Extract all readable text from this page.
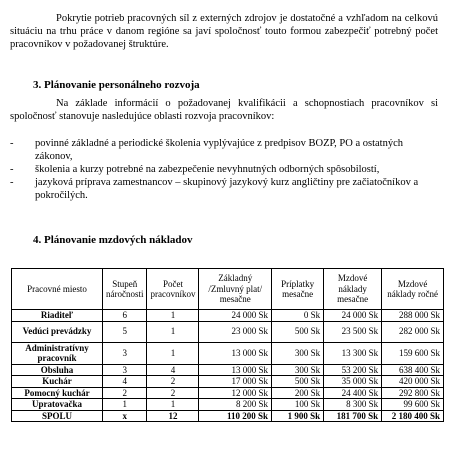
Pokrytie potrieb pracovných síl z externých zdrojov je dostatočné a vzhľadom na celkovú situáciu na trhu práce v danom regióne sa javí spoločnosť touto formou zabezpečiť potrebný počet pracovníkov v požadovanej štruktúre.

3. Plánovanie personálneho rozvoja

Na základe informácií o požadovanej kvalifikácii a schopnostiach pracovníkov si spoločnosť stanovuje nasledujúce oblasti rozvoja pracovníkov:

- povinné základné a periodické školenia vyplývajúce z predpisov BOZP, PO a ostatných zákonov,
- školenia a kurzy potrebné na zabezpečenie nevyhnutných odborných spôsobilostí,
- jazyková príprava zamestnancov – skupinový jazykový kurz angličtiny pre začiatočníkov a pokročilých.
4. Plánovanie mzdových nákladov
Pracovné miesto	Stupeň náročnosti	Počet pracovníkov	Základný /Zmluvný plat/ mesačne	Príplatky mesačne	Mzdové náklady mesačne	Mzdové náklady ročné
Riaditeľ	6	1	24 000 Sk	0 Sk	24 000 Sk	288 000 Sk
Vedúci prevádzky	5	1	23 000 Sk	500 Sk	23 500 Sk	282 000 Sk
Administratívny pracovník	3	1	13 000 Sk	300 Sk	13 300 Sk	159 600 Sk
Obsluha	3	4	13 000 Sk	300 Sk	53 200 Sk	638 400 Sk
Kuchár	4	2	17 000 Sk	500 Sk	35 000 Sk	420 000 Sk
Pomocný kuchár	2	2	12 000 Sk	200 Sk	24 400 Sk	292 800 Sk
Upratovačka	1	1	8 200 Sk	100 Sk	8 300 Sk	99 600 Sk
SPOLU	x	12	110 200 Sk	1 900 Sk	181 700 Sk	2 180 400 Sk
